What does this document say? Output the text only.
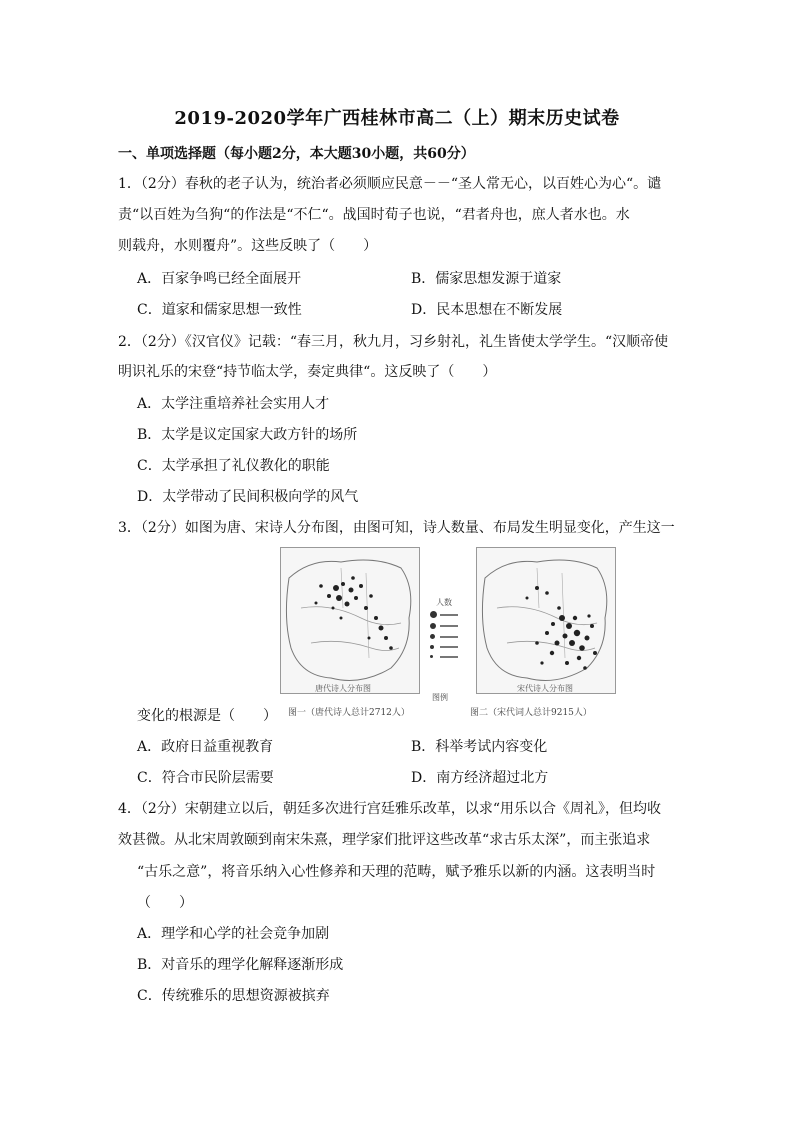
2019-2020学年广西桂林市高二（上）期末历史试卷
一、单项选择题（每小题2分，本大题30小题，共60分）
1．（2分）春秋的老子认为，统治者必须顺应民意－－“圣人常无心，以百姓心为心“。谴
责“以百姓为刍狗“的作法是“不仁“。战国时荀子也说，“君者舟也，庶人者水也。水
则载舟，水则覆舟”。这些反映了（　　）
A．百家争鸣已经全面展开	B．儒家思想发源于道家
C．道家和儒家思想一致性	D．民本思想在不断发展
2．（2分）《汉官仪》记载：“春三月，秋九月，习乡射礼，礼生皆使太学学生。“汉顺帝使
明识礼乐的宋登“持节临太学，奏定典律“。这反映了（　　）
A．太学注重培养社会实用人才
B．太学是议定国家大政方针的场所
C．太学承担了礼仪教化的职能
D．太学带动了民间积极向学的风气
3．（2分）如图为唐、宋诗人分布图，由图可知，诗人数量、布局发生明显变化，产生这一
唐代诗人分布图
人数
图例
宋代诗人分布图
图一（唐代诗人总计2712人）	图二（宋代词人总计9215人）
变化的根源是（　　）
A．政府日益重视教育	B．科举考试内容变化
C．符合市民阶层需要	D．南方经济超过北方
4．（2分）宋朝建立以后，朝廷多次进行宫廷雅乐改革，以求“用乐以合《周礼》，但均收
效甚微。从北宋周敦颐到南宋朱熹，理学家们批评这些改革“求古乐太深”，而主张追求
“古乐之意”，将音乐纳入心性修养和天理的范畴，赋予雅乐以新的内涵。这表明当时
（　　）
A．理学和心学的社会竞争加剧
B．对音乐的理学化解释逐渐形成
C．传统雅乐的思想资源被摈弃
